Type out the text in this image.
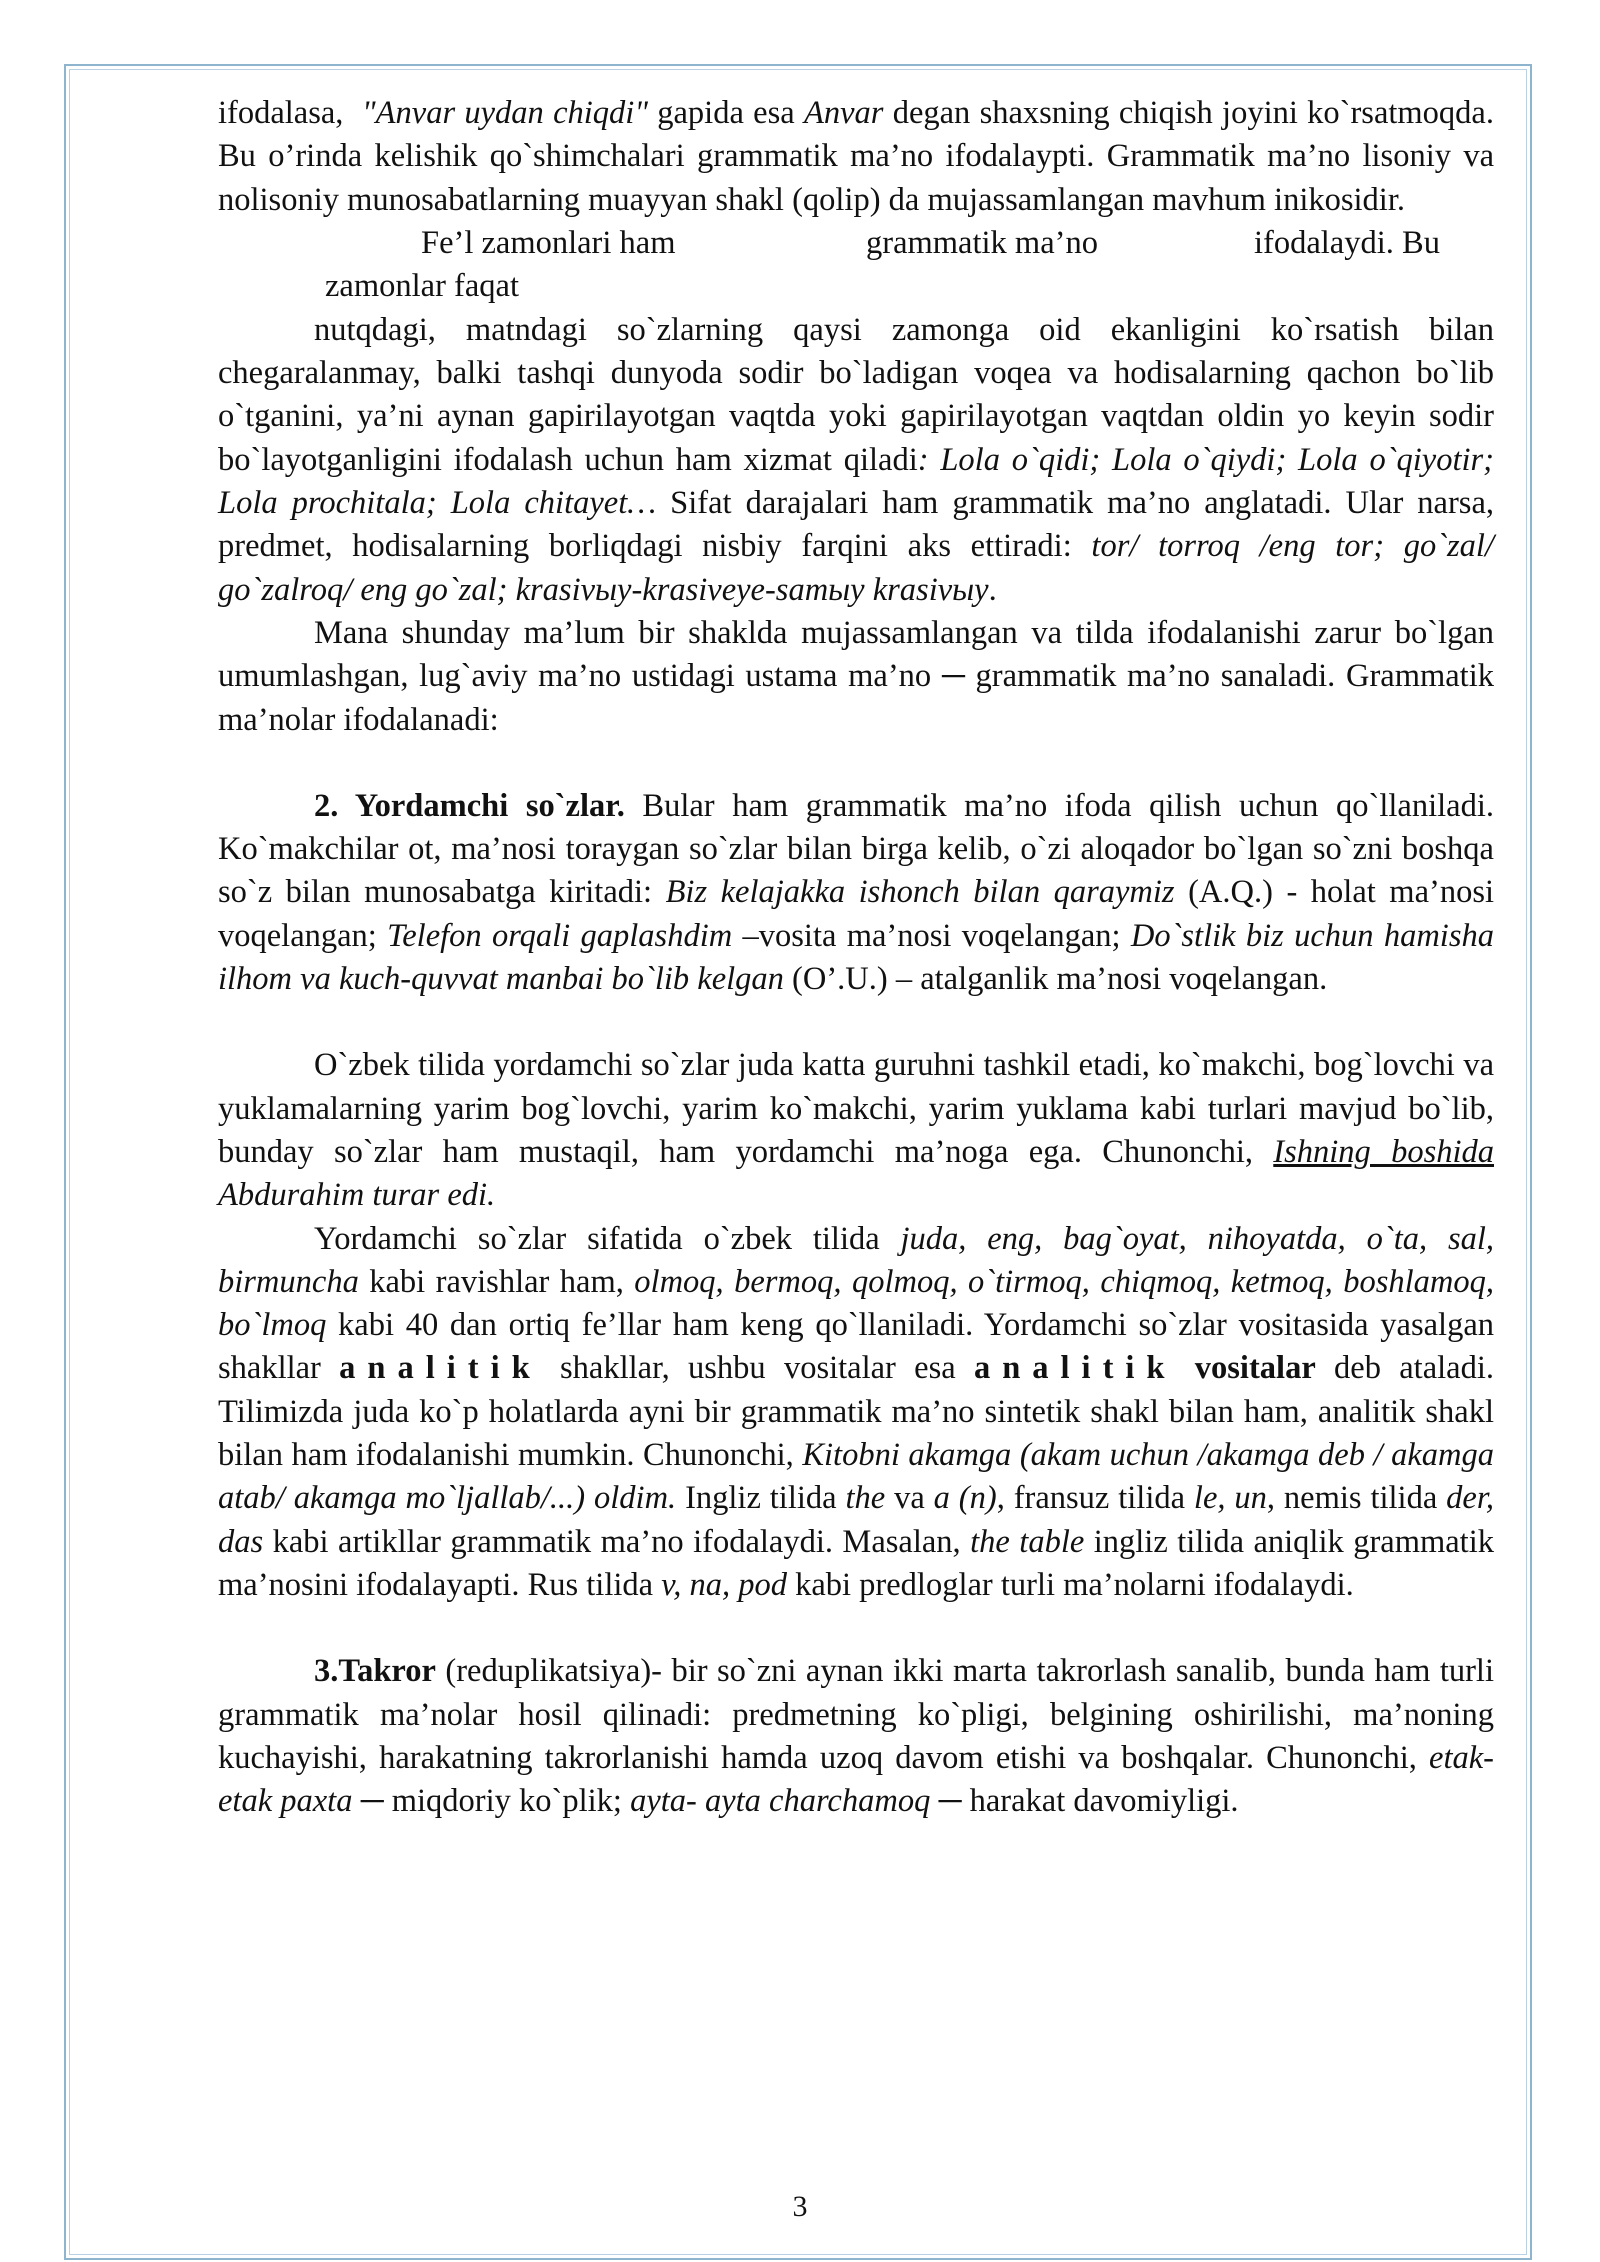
ifodalasa, "Anvar uydan chiqdi" gapida esa Anvar degan shaxsning chiqish joyini ko`rsatmoqda. Bu o’rinda kelishik qo`shimchalari grammatik ma’no ifodalaypti. Grammatik ma’no lisoniy va nolisoniy munosabatlarning muayyan shakl (qolip) da mujassamlangan mavhum inikosidir.

Fe’l zamonlari ham	grammatik ma’no	ifodalaydi. Bu
zamonlar faqat

nutqdagi, matndagi so`zlarning qaysi zamonga oid ekanligini ko`rsatish bilan chegaralanmay, balki tashqi dunyoda sodir bo`ladigan voqea va hodisalarning qachon bo`lib o`tganini, ya’ni aynan gapirilayotgan vaqtda yoki gapirilayotgan vaqtdan oldin yo keyin sodir bo`layotganligini ifodalash uchun ham xizmat qiladi: Lola o`qidi; Lola o`qiydi; Lola o`qiyotir; Lola prochitala; Lola chitayet… Sifat darajalari ham grammatik ma’no anglatadi. Ular narsa, predmet, hodisalarning borliqdagi nisbiy farqini aks ettiradi: tor/ torroq /eng tor; go`zal/ go`zalroq/ eng go`zal; krasivыy-krasiveye-samыy krasivыy.

Mana shunday ma’lum bir shaklda mujassamlangan va tilda ifodalanishi zarur bo`lgan umumlashgan, lug`aviy ma’no ustidagi ustama ma’no ─ grammatik ma’no sanaladi. Grammatik ma’nolar ifodalanadi:

2. Yordamchi so`zlar. Bular ham grammatik ma’no ifoda qilish uchun qo`llaniladi. Ko`makchilar ot, ma’nosi toraygan so`zlar bilan birga kelib, o`zi aloqador bo`lgan so`zni boshqa so`z bilan munosabatga kiritadi: Biz kelajakka ishonch bilan qaraymiz (A.Q.) - holat ma’nosi voqelangan; Telefon orqali gaplashdim –vosita ma’nosi voqelangan; Do`stlik biz uchun hamisha ilhom va kuch-quvvat manbai bo`lib kelgan (O’.U.) – atalganlik ma’nosi voqelangan.

O`zbek tilida yordamchi so`zlar juda katta guruhni tashkil etadi, ko`makchi, bog`lovchi va yuklamalarning yarim bog`lovchi, yarim ko`makchi, yarim yuklama kabi turlari mavjud bo`lib, bunday so`zlar ham mustaqil, ham yordamchi ma’noga ega. Chunonchi, Ishning boshida Abdurahim turar edi.

Yordamchi so`zlar sifatida o`zbek tilida juda, eng, bag`oyat, nihoyatda, o`ta, sal, birmuncha kabi ravishlar ham, olmoq, bermoq, qolmoq, o`tirmoq, chiqmoq, ketmoq, boshlamoq, bo`lmoq kabi 40 dan ortiq fe’llar ham keng qo`llaniladi. Yordamchi so`zlar vositasida yasalgan shakllar analitik shakllar, ushbu vositalar esa analitik vositalar deb ataladi. Tilimizda juda ko`p holatlarda ayni bir grammatik ma’no sintetik shakl bilan ham, analitik shakl bilan ham ifodalanishi mumkin. Chunonchi, Kitobni akamga (akam uchun /akamga deb / akamga atab/ akamga mo`ljallab/...) oldim. Ingliz tilida the va a (n), fransuz tilida le, un, nemis tilida der, das kabi artikllar grammatik ma’no ifodalaydi. Masalan, the table ingliz tilida aniqlik grammatik ma’nosini ifodalayapti. Rus tilida v, na, pod kabi predloglar turli ma’nolarni ifodalaydi.

3.Takror (reduplikatsiya)- bir so`zni aynan ikki marta takrorlash sanalib, bunda ham turli grammatik ma’nolar hosil qilinadi: predmetning ko`pligi, belgining oshirilishi, ma’noning kuchayishi, harakatning takrorlanishi hamda uzoq davom etishi va boshqalar. Chunonchi, etak-etak paxta ─ miqdoriy ko`plik; ayta- ayta charchamoq ─ harakat davomiyligi.

3
